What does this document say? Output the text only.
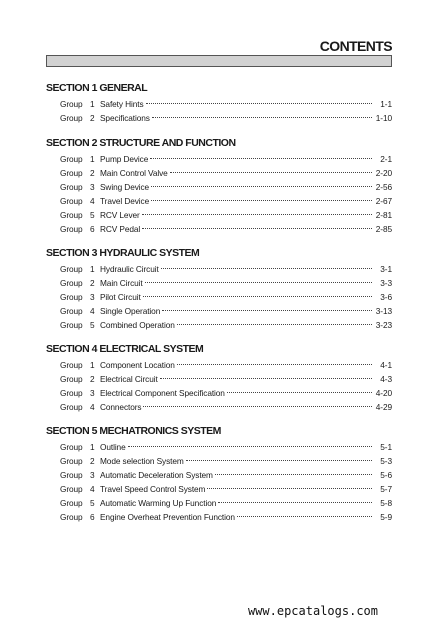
CONTENTS
SECTION 1 GENERAL
Group 1 Safety Hints	1-1
Group 2 Specifications	1-10
SECTION 2 STRUCTURE AND FUNCTION
Group 1 Pump Device	2-1
Group 2 Main Control Valve	2-20
Group 3 Swing Device	2-56
Group 4 Travel Device	2-67
Group 5 RCV Lever	2-81
Group 6 RCV Pedal	2-85
SECTION 3 HYDRAULIC SYSTEM
Group 1 Hydraulic Circuit	3-1
Group 2 Main Circuit	3-3
Group 3 Pilot Circuit	3-6
Group 4 Single Operation	3-13
Group 5 Combined Operation	3-23
SECTION 4 ELECTRICAL SYSTEM
Group 1 Component Location	4-1
Group 2 Electrical Circuit	4-3
Group 3 Electrical Component Specification	4-20
Group 4 Connectors	4-29
SECTION 5 MECHATRONICS SYSTEM
Group 1 Outline	5-1
Group 2 Mode selection System	5-3
Group 3 Automatic Deceleration System	5-6
Group 4 Travel Speed Control System	5-7
Group 5 Automatic Warming Up Function	5-8
Group 6 Engine Overheat Prevention Function	5-9
www.epcatalogs.com
